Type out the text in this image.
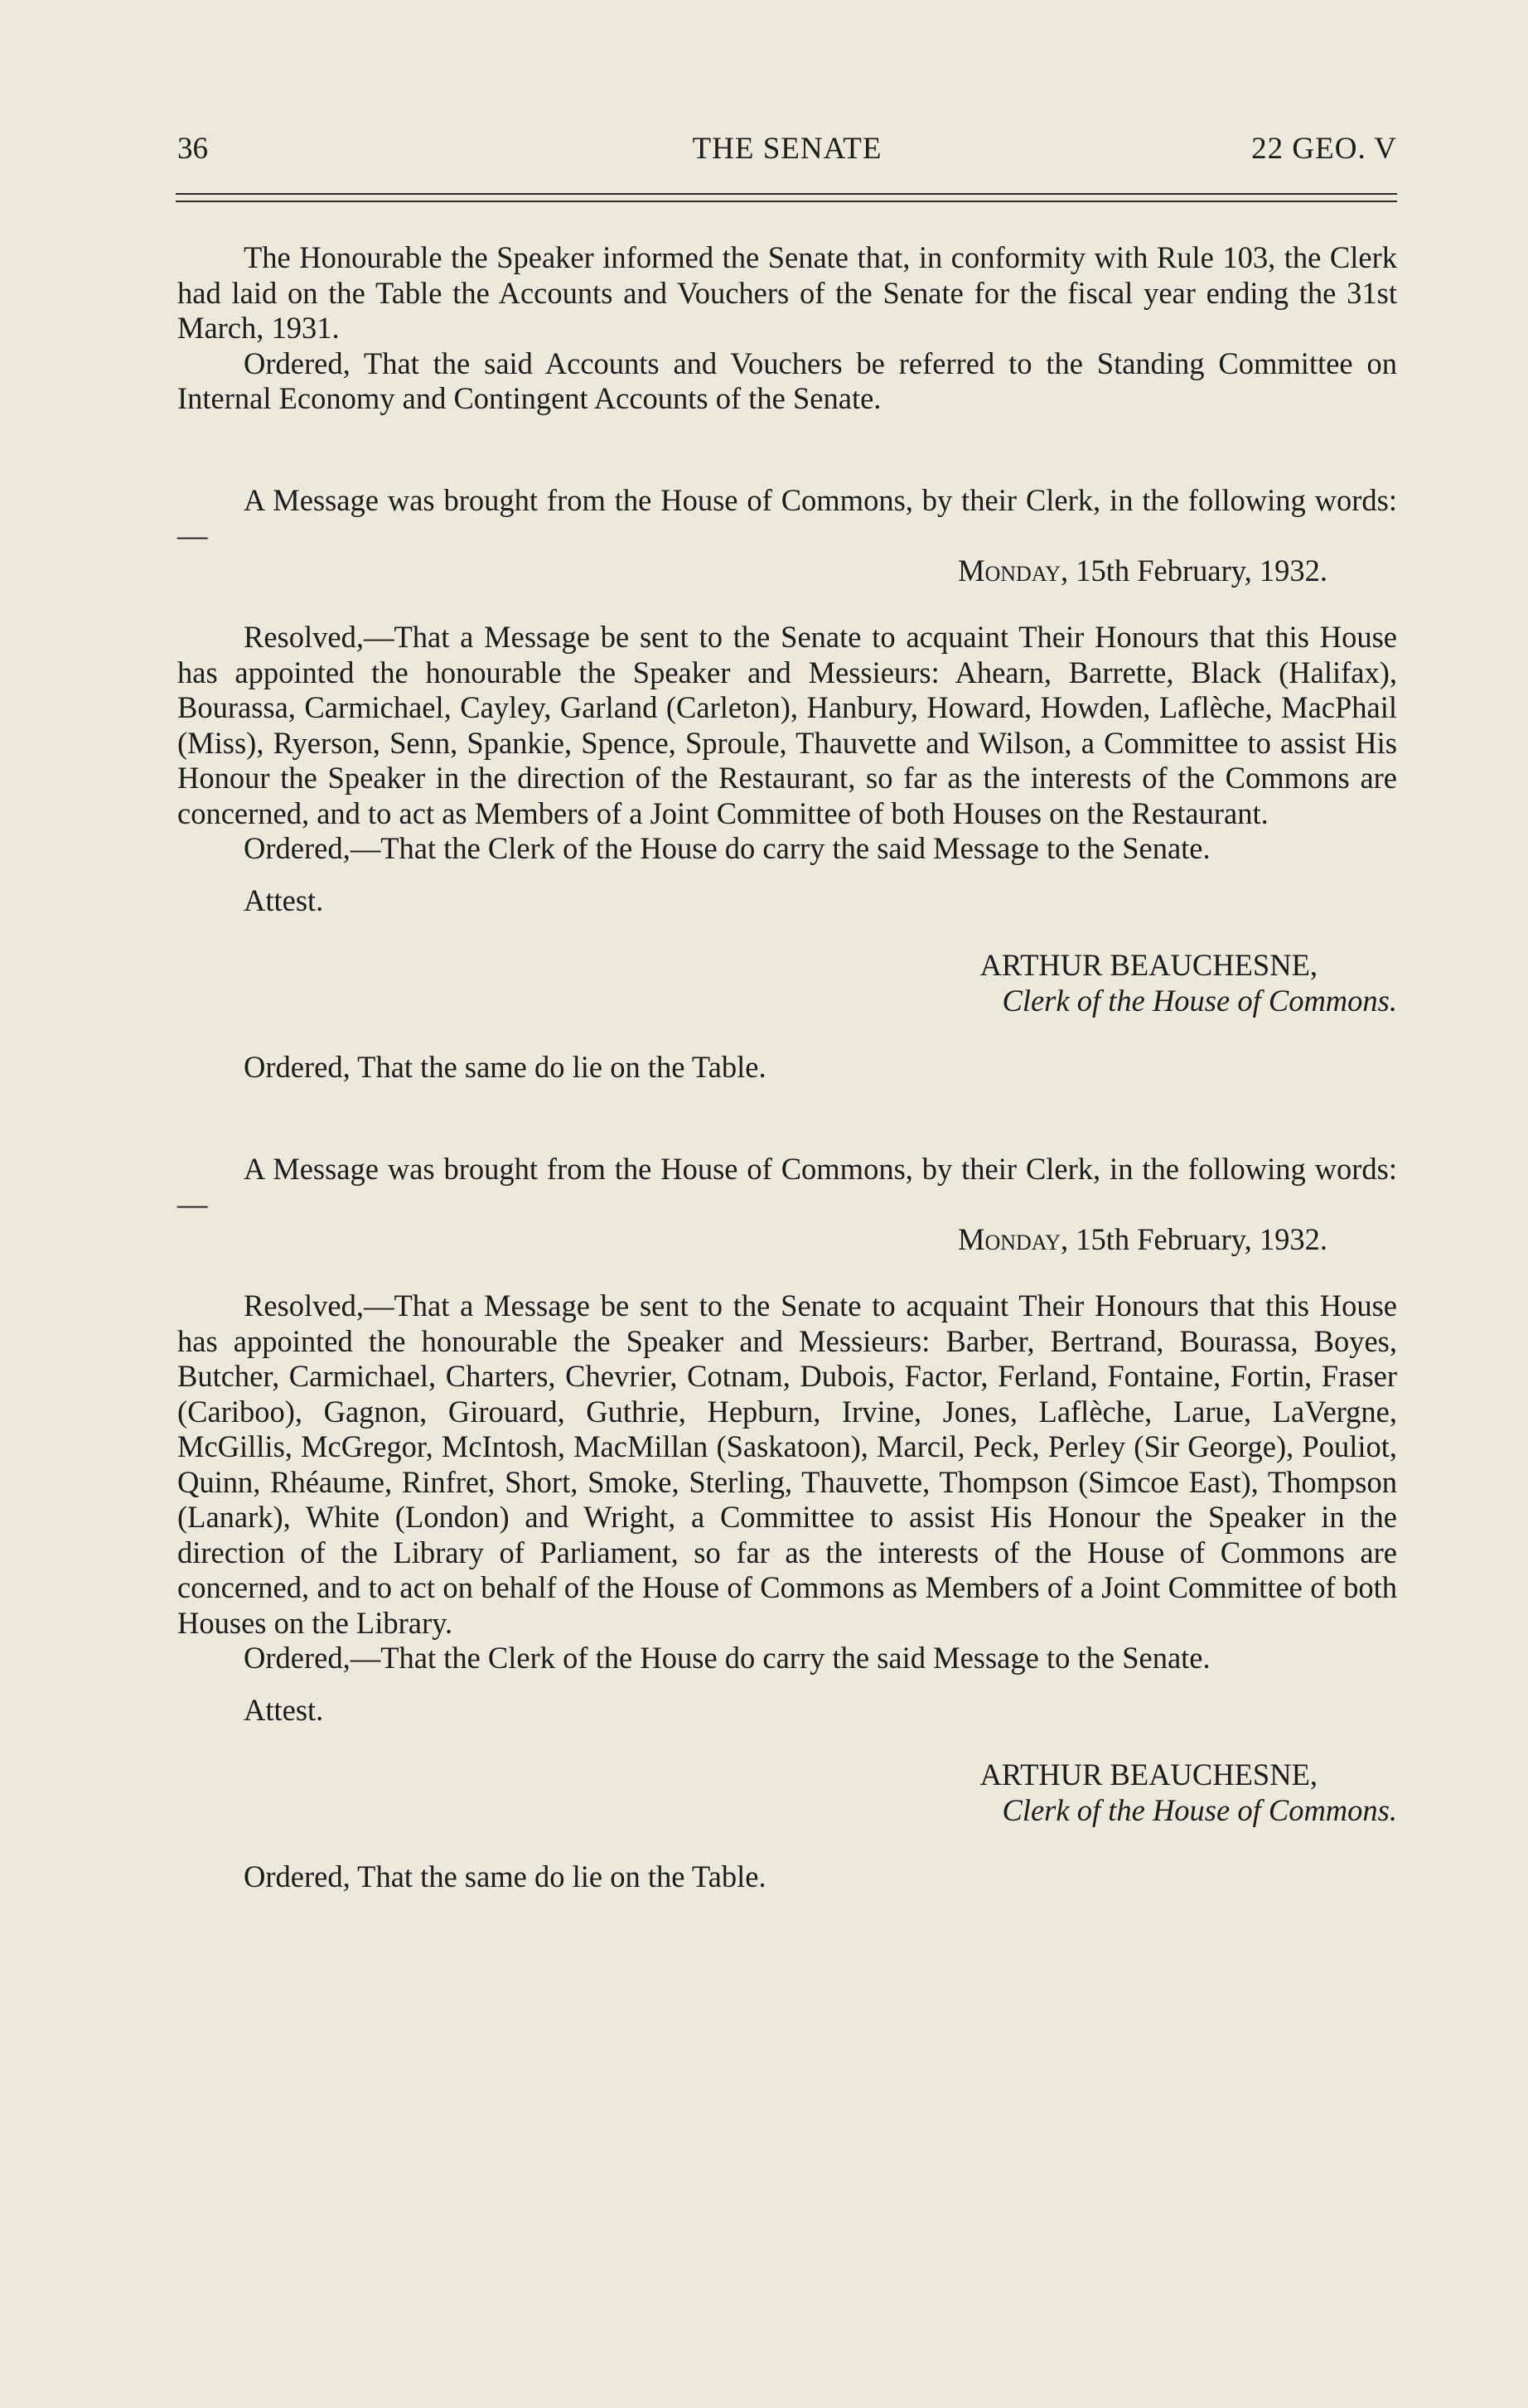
36	THE SENATE	22 GEO. V

The Honourable the Speaker informed the Senate that, in conformity with Rule 103, the Clerk had laid on the Table the Accounts and Vouchers of the Senate for the fiscal year ending the 31st March, 1931.

Ordered, That the said Accounts and Vouchers be referred to the Standing Committee on Internal Economy and Contingent Accounts of the Senate.

A Message was brought from the House of Commons, by their Clerk, in the following words:—

Monday, 15th February, 1932.

Resolved,—That a Message be sent to the Senate to acquaint Their Honours that this House has appointed the honourable the Speaker and Messieurs: Ahearn, Barrette, Black (Halifax), Bourassa, Carmichael, Cayley, Garland (Carleton), Hanbury, Howard, Howden, Laflèche, MacPhail (Miss), Ryerson, Senn, Spankie, Spence, Sproule, Thauvette and Wilson, a Committee to assist His Honour the Speaker in the direction of the Restaurant, so far as the interests of the Commons are concerned, and to act as Members of a Joint Committee of both Houses on the Restaurant.

Ordered,—That the Clerk of the House do carry the said Message to the Senate.

Attest.

ARTHUR BEAUCHESNE,
Clerk of the House of Commons.

Ordered, That the same do lie on the Table.

A Message was brought from the House of Commons, by their Clerk, in the following words:—

Monday, 15th February, 1932.

Resolved,—That a Message be sent to the Senate to acquaint Their Honours that this House has appointed the honourable the Speaker and Messieurs: Barber, Bertrand, Bourassa, Boyes, Butcher, Carmichael, Charters, Chevrier, Cotnam, Dubois, Factor, Ferland, Fontaine, Fortin, Fraser (Cariboo), Gagnon, Girouard, Guthrie, Hepburn, Irvine, Jones, Laflèche, Larue, LaVergne, McGillis, McGregor, McIntosh, MacMillan (Saskatoon), Marcil, Peck, Perley (Sir George), Pouliot, Quinn, Rhéaume, Rinfret, Short, Smoke, Sterling, Thauvette, Thompson (Simcoe East), Thompson (Lanark), White (London) and Wright, a Committee to assist His Honour the Speaker in the direction of the Library of Parliament, so far as the interests of the House of Commons are concerned, and to act on behalf of the House of Commons as Members of a Joint Committee of both Houses on the Library.

Ordered,—That the Clerk of the House do carry the said Message to the Senate.

Attest.

ARTHUR BEAUCHESNE,
Clerk of the House of Commons.

Ordered, That the same do lie on the Table.
